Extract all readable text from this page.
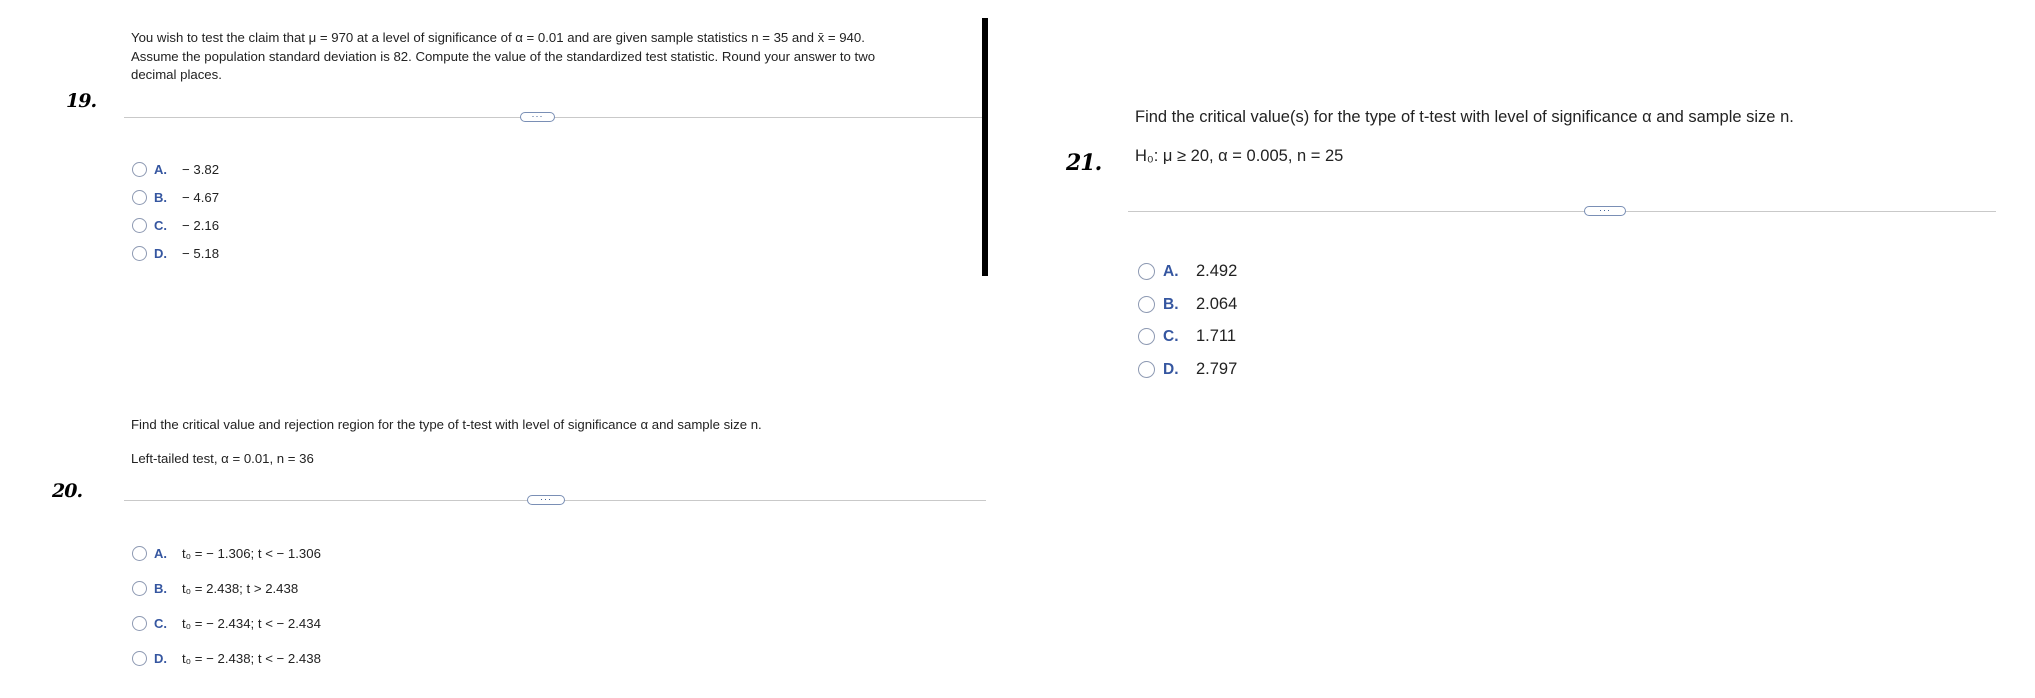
19.
You wish to test the claim that μ = 970 at a level of significance of α = 0.01 and are given sample statistics n = 35 and x̄ = 940.
Assume the population standard deviation is 82. Compute the value of the standardized test statistic. Round your answer to two
decimal places.
···
A.	− 3.82
B.	− 4.67
C.	− 2.16
D.	− 5.18
20.
Find the critical value and rejection region for the type of t-test with level of significance α and sample size n.
Left-tailed test, α = 0.01, n = 36
···
A.	t₀ = − 1.306; t < − 1.306
B.	t₀ = 2.438; t > 2.438
C.	t₀ = − 2.434; t < − 2.434
D.	t₀ = − 2.438; t < − 2.438
21.
Find the critical value(s) for the type of t-test with level of significance α and sample size n.
H₀: μ ≥ 20, α = 0.005, n = 25
···
A.	2.492
B.	2.064
C.	1.711
D.	2.797
